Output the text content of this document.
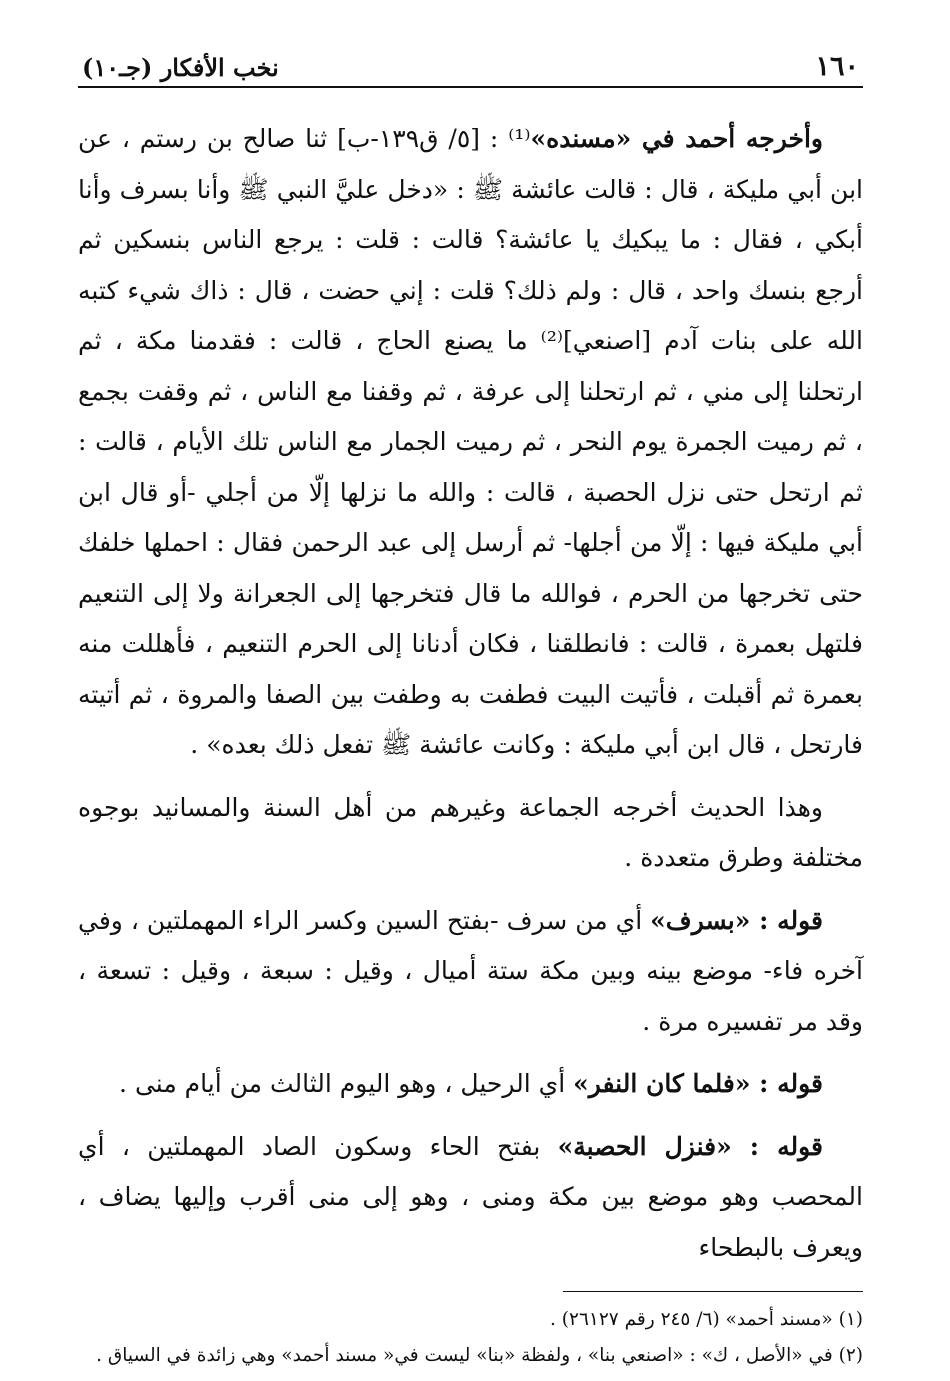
١٦٠
نخب الأفكار (جـ١٠)

وأخرجه أحمد في «مسنده»⁽¹⁾ : [٥/ ق١٣٩-ب] ثنا صالح بن رستم ، عن ابن أبي مليكة ، قال : قالت عائشة ﷺ : «دخل عليَّ النبي ﷺ وأنا بسرف وأنا أبكي ، فقال : ما يبكيك يا عائشة؟ قالت : قلت : يرجع الناس بنسكين ثم أرجع بنسك واحد ، قال : ولم ذلك؟ قلت : إني حضت ، قال : ذاك شيء كتبه الله على بنات آدم [اصنعي]⁽²⁾ ما يصنع الحاج ، قالت : فقدمنا مكة ، ثم ارتحلنا إلى مني ، ثم ارتحلنا إلى عرفة ، ثم وقفنا مع الناس ، ثم وقفت بجمع ، ثم رميت الجمرة يوم النحر ، ثم رميت الجمار مع الناس تلك الأيام ، قالت : ثم ارتحل حتى نزل الحصبة ، قالت : والله ما نزلها إلّا من أجلي -أو قال ابن أبي مليكة فيها : إلّا من أجلها- ثم أرسل إلى عبد الرحمن فقال : احملها خلفك حتى تخرجها من الحرم ، فوالله ما قال فتخرجها إلى الجعرانة ولا إلى التنعيم فلتهل بعمرة ، قالت : فانطلقنا ، فكان أدنانا إلى الحرم التنعيم ، فأهللت منه بعمرة ثم أقبلت ، فأتيت البيت فطفت به وطفت بين الصفا والمروة ، ثم أتيته فارتحل ، قال ابن أبي مليكة : وكانت عائشة ﷺ تفعل ذلك بعده» .

وهذا الحديث أخرجه الجماعة وغيرهم من أهل السنة والمسانيد بوجوه مختلفة وطرق متعددة .

قوله : «بسرف» أي من سرف -بفتح السين وكسر الراء المهملتين ، وفي آخره فاء- موضع بينه وبين مكة ستة أميال ، وقيل : سبعة ، وقيل : تسعة ، وقد مر تفسيره مرة .

قوله : «فلما كان النفر» أي الرحيل ، وهو اليوم الثالث من أيام منى .

قوله : «فنزل الحصبة» بفتح الحاء وسكون الصاد المهملتين ، أي المحصب وهو موضع بين مكة ومنى ، وهو إلى منى أقرب وإليها يضاف ، ويعرف بالبطحاء

(١) «مسند أحمد» (٦/ ٢٤٥ رقم ٢٦١٢٧) .
(٢) في «الأصل ، ك» : «اصنعي بنا» ، ولفظة «بنا» ليست في« مسند أحمد» وهي زائدة في السياق .
